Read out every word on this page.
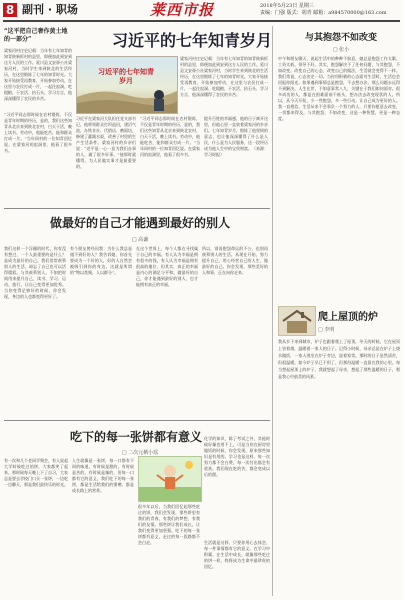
8 副刊 · 职场	莱西市报	2018年5月23日 星期三
责编：门强 版式：胡青 邮箱：a984570000@163.com
“这平把自己奢作黄土地的一部分”	习近平的七年知青岁月
梁家河村庄史记载：当年有七年知青的知青陕新拆村的县里，即便加此到安到这方人民的工作。延川县文安驿公社梁家河村，当时学生来到陕北的生活经历，在这里锻炼了七年的知青时光。大家开始接受再教育，开始参加劳动，在这里与农民打成一片，一起住窑洞、吃粗粮、干农活、抬石头、学习方言，他深深懂得了农民的辛苦。
习近平的七年知青岁月
“习近平同志那时候在农村锻炼，不仅是青年时期的经历，是的，我们这些知青从北京来到陕北农村，白天干活，晚上读书。劳动中，他能吃苦，能和群众打成一片。”当年同村的一位知青回忆说。在梁家河的窑洞里，他看了很多书。
习近平在梁家河大队担任党支部书记，他带领群众打坝造田，建沼气池，办铁业社、代销店、磨面坊，修建了灌溉水渠，改善了村里的生产生活条件。梁家河村的乡亲们说：“近平是一心一意为我们办事的人，做了很多好事。”他那时就懂得，为人民做实事才是最重要的。
“习近平同志那时候在农村锻炼，不仅是青年时期的经历，是的，我们这些知青从北京来到陕北农村，白天干活，晚上读书。劳动中，他能吃苦，能和群众打成一片。”当年同村的一位知青回忆说。在梁家河的窑洞里，他看了很多书。
提升百姓的幸福感，他的日子离开这里，但他心里一直装着梁家河的乡亲们。七年知青岁月，锻炼了他坚韧的意志，也让他深深懂得了什么是人民，什么是为人民服务，这一段经历成为他人生中的宝贵财富。（来源：学习时报）
梁家河村庄史记载：当年有七年知青的知青陕新拆村的县里，即便加此到安到这方人民的工作。延川县文安驿公社梁家河村，当时学生来到陕北的生活经历，在这里锻炼了七年的知青时光。大家开始接受再教育，开始参加劳动，在这里与农民打成一片，一起住窑洞、吃粗粮、干农活、抬石头、学习方言，他深深懂得了农民的辛苦。
与其抱怨不如改变
□ 张小
中午和朋友聊天，说起生活中的种种不如意，她总是抱怨工作太累、工资太低、领导不好。其实，抱怨解决不了任何问题，与其抱怨，不如改变。改变自己的心态，改变自己的做法，生活就会变得不一样。我们常说，心态决定一切。当你用积极的心态面对生活时，生活也会回报你阳光。如果遇到事情总是抱怨，不去想办法，那么问题永远得不到解决。人生在世，不如意事常八九，关键在于我们如何面对。很多成功的人，都是在困难面前不低头，想办法去改变现状的人。所以，从今天开始，少一些抱怨，多一些行动，让自己成为更好的人。我一直相信，生活从来不会辜负一个努力的人，只要你愿意去改变，一切都来得及。与其抱怨，不如改变，这是一种智慧，更是一种态度。
爬上屋顶的炉
□ 李明
我从乡下来到城市，炉子也跟着爬上了屋顶，冬天的时候，它在屋顶上冒着烟，温暖着一家人的日子。记得小时候，母亲总是在炉子上烧水做饭，一家人围坐在炉子旁边，说着家常。那时的日子虽然清苦，但很温暖。如今炉子早已不用了，但那份温暖一直留在我的心里。每当想起屋顶上的炉子，我就想起了母亲，想起了那些温暖的日子，那是我心中最美的风景。
做最好的自己才能遇到最好的别人
□ 高谦
我们这样一个浮躁的时代，你有没有想过，一个人最重要的是什么？是成为最好的自己。我们常常羡慕别人的生活，却忘了自己也可以活得精彩。与其羡慕别人，不如把时间用来提升自己，读书、学习、运动、旅行，让自己变得更加优秀。当你变得足够好的时候，你会发现，身边的人也都变得更好了。
有个朋友曾经问我：为什么我总是遇不到好的人？我告诉她，你首先要成为一个好的人，好的人自然会被吸引到你的身边。这就是所谓的“物以类聚，人以群分”。
在这个世界上，每个人都在寻找属于自己的幸福。有人认为幸福是拥有很多的钱，有人认为幸福是拥有很高的地位，但其实，真正的幸福是内心的满足与平和。做最好的自己，你才能遇到最好的别人，也才能拥有真正的幸福。
所以，别再抱怨命运的不公，也别再羡慕别人的生活。从现在开始，努力提升自己，用心经营自己的人生，做最好的自己。你会发现，那些美好的人和事，正在向你走来。
吃下的每一张饼都有意义
□ 二次元栖小瑶
有一次和几个老同学聚会，有人说起大学时候吃过的饼，大家都笑了起来。那时候每天晚上下了自习，大家总是要去学校门口买一张饼，一边吃一边聊天，那是我们最快乐的时光。
人生就像是一张饼，每一口都有不同的味道。有时候是甜的，有时候是苦的，有时候是辣的，但每一口都有它的意义。我们吃下的每一张饼，都是生活给我们的馈赠，都是成长路上的营养。
很多年以后，当我们回忆起那些吃过的饼，我们会发现，那些饼里有我们的青春，有我们的梦想，有我们的友情。那些饼让我们成长，让我们变得更加坚强。吃下的每一张饼都有意义，走过的每一段路都不会白走。
化学的知识，除了考试之外，其他时候好像也用不上。可是当你在厨房里做饭的时候，你会发现，原来那些知识是有用的。学习也是这样，每一次努力都不会白费，每一次付出都会有收获。我们现在吃的苦，都会变成以后的甜。
生活就是这样，只要你用心去体会，每一件事情都有它的意义。在学习中积累，在生活中成长，就像那些吃过的饼一样，终将成为生命中最珍贵的回忆。
